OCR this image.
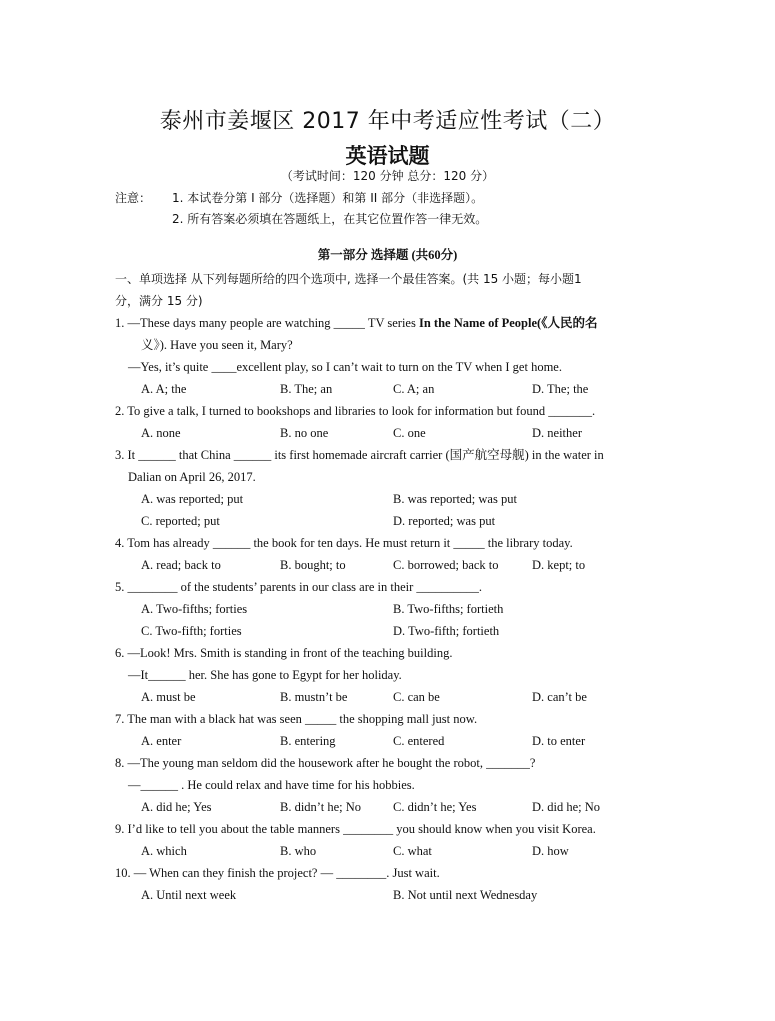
泰州市姜堰区 2017 年中考适应性考试（二）
英语试题
（考试时间：120 分钟 总分：120 分）
注意： 1. 本试卷分第 I 部分（选择题）和第 II 部分（非选择题）。
2. 所有答案必须填在答题纸上，在其它位置作答一律无效。
第一部分 选择题 (共60分)
一、单项选择 从下列每题所给的四个选项中, 选择一个最佳答案。(共 15 小题；每小题1
分，满分 15 分)
1. —These days many people are watching _____ TV series In the Name of People(《人民的名
义》). Have you seen it, Mary?
—Yes, it’s quite ____excellent play, so I can’t wait to turn on the TV when I get home.
A. A; the	B. The; an	C. A; an	D. The; the
2. To give a talk, I turned to bookshops and libraries to look for information but found _______.
A. none	B. no one	C. one	D. neither
3. It ______ that China ______ its first homemade aircraft carrier (国产航空母舰) in the water in
Dalian on April 26, 2017.
A. was reported; put	B. was reported; was put
C. reported; put	D. reported; was put
4. Tom has already ______ the book for ten days. He must return it _____ the library today.
A. read; back to	B. bought; to	C. borrowed; back to	D. kept; to
5. ________ of the students’ parents in our class are in their __________.
A. Two-fifths; forties	B. Two-fifths; fortieth
C. Two-fifth; forties	D. Two-fifth; fortieth
6. —Look! Mrs. Smith is standing in front of the teaching building.
—It______ her. She has gone to Egypt for her holiday.
A. must be	B. mustn’t be	C. can be	D. can’t be
7. The man with a black hat was seen _____ the shopping mall just now.
A. enter	B. entering	C. entered	D. to enter
8. —The young man seldom did the housework after he bought the robot, _______?
—______ . He could relax and have time for his hobbies.
A. did he; Yes	B. didn’t he; No	C. didn’t he; Yes	D. did he; No
9. I’d like to tell you about the table manners ________ you should know when you visit Korea.
A. which	B. who	C. what	D. how
10. — When can they finish the project? — ________. Just wait.
A. Until next week	B. Not until next Wednesday
